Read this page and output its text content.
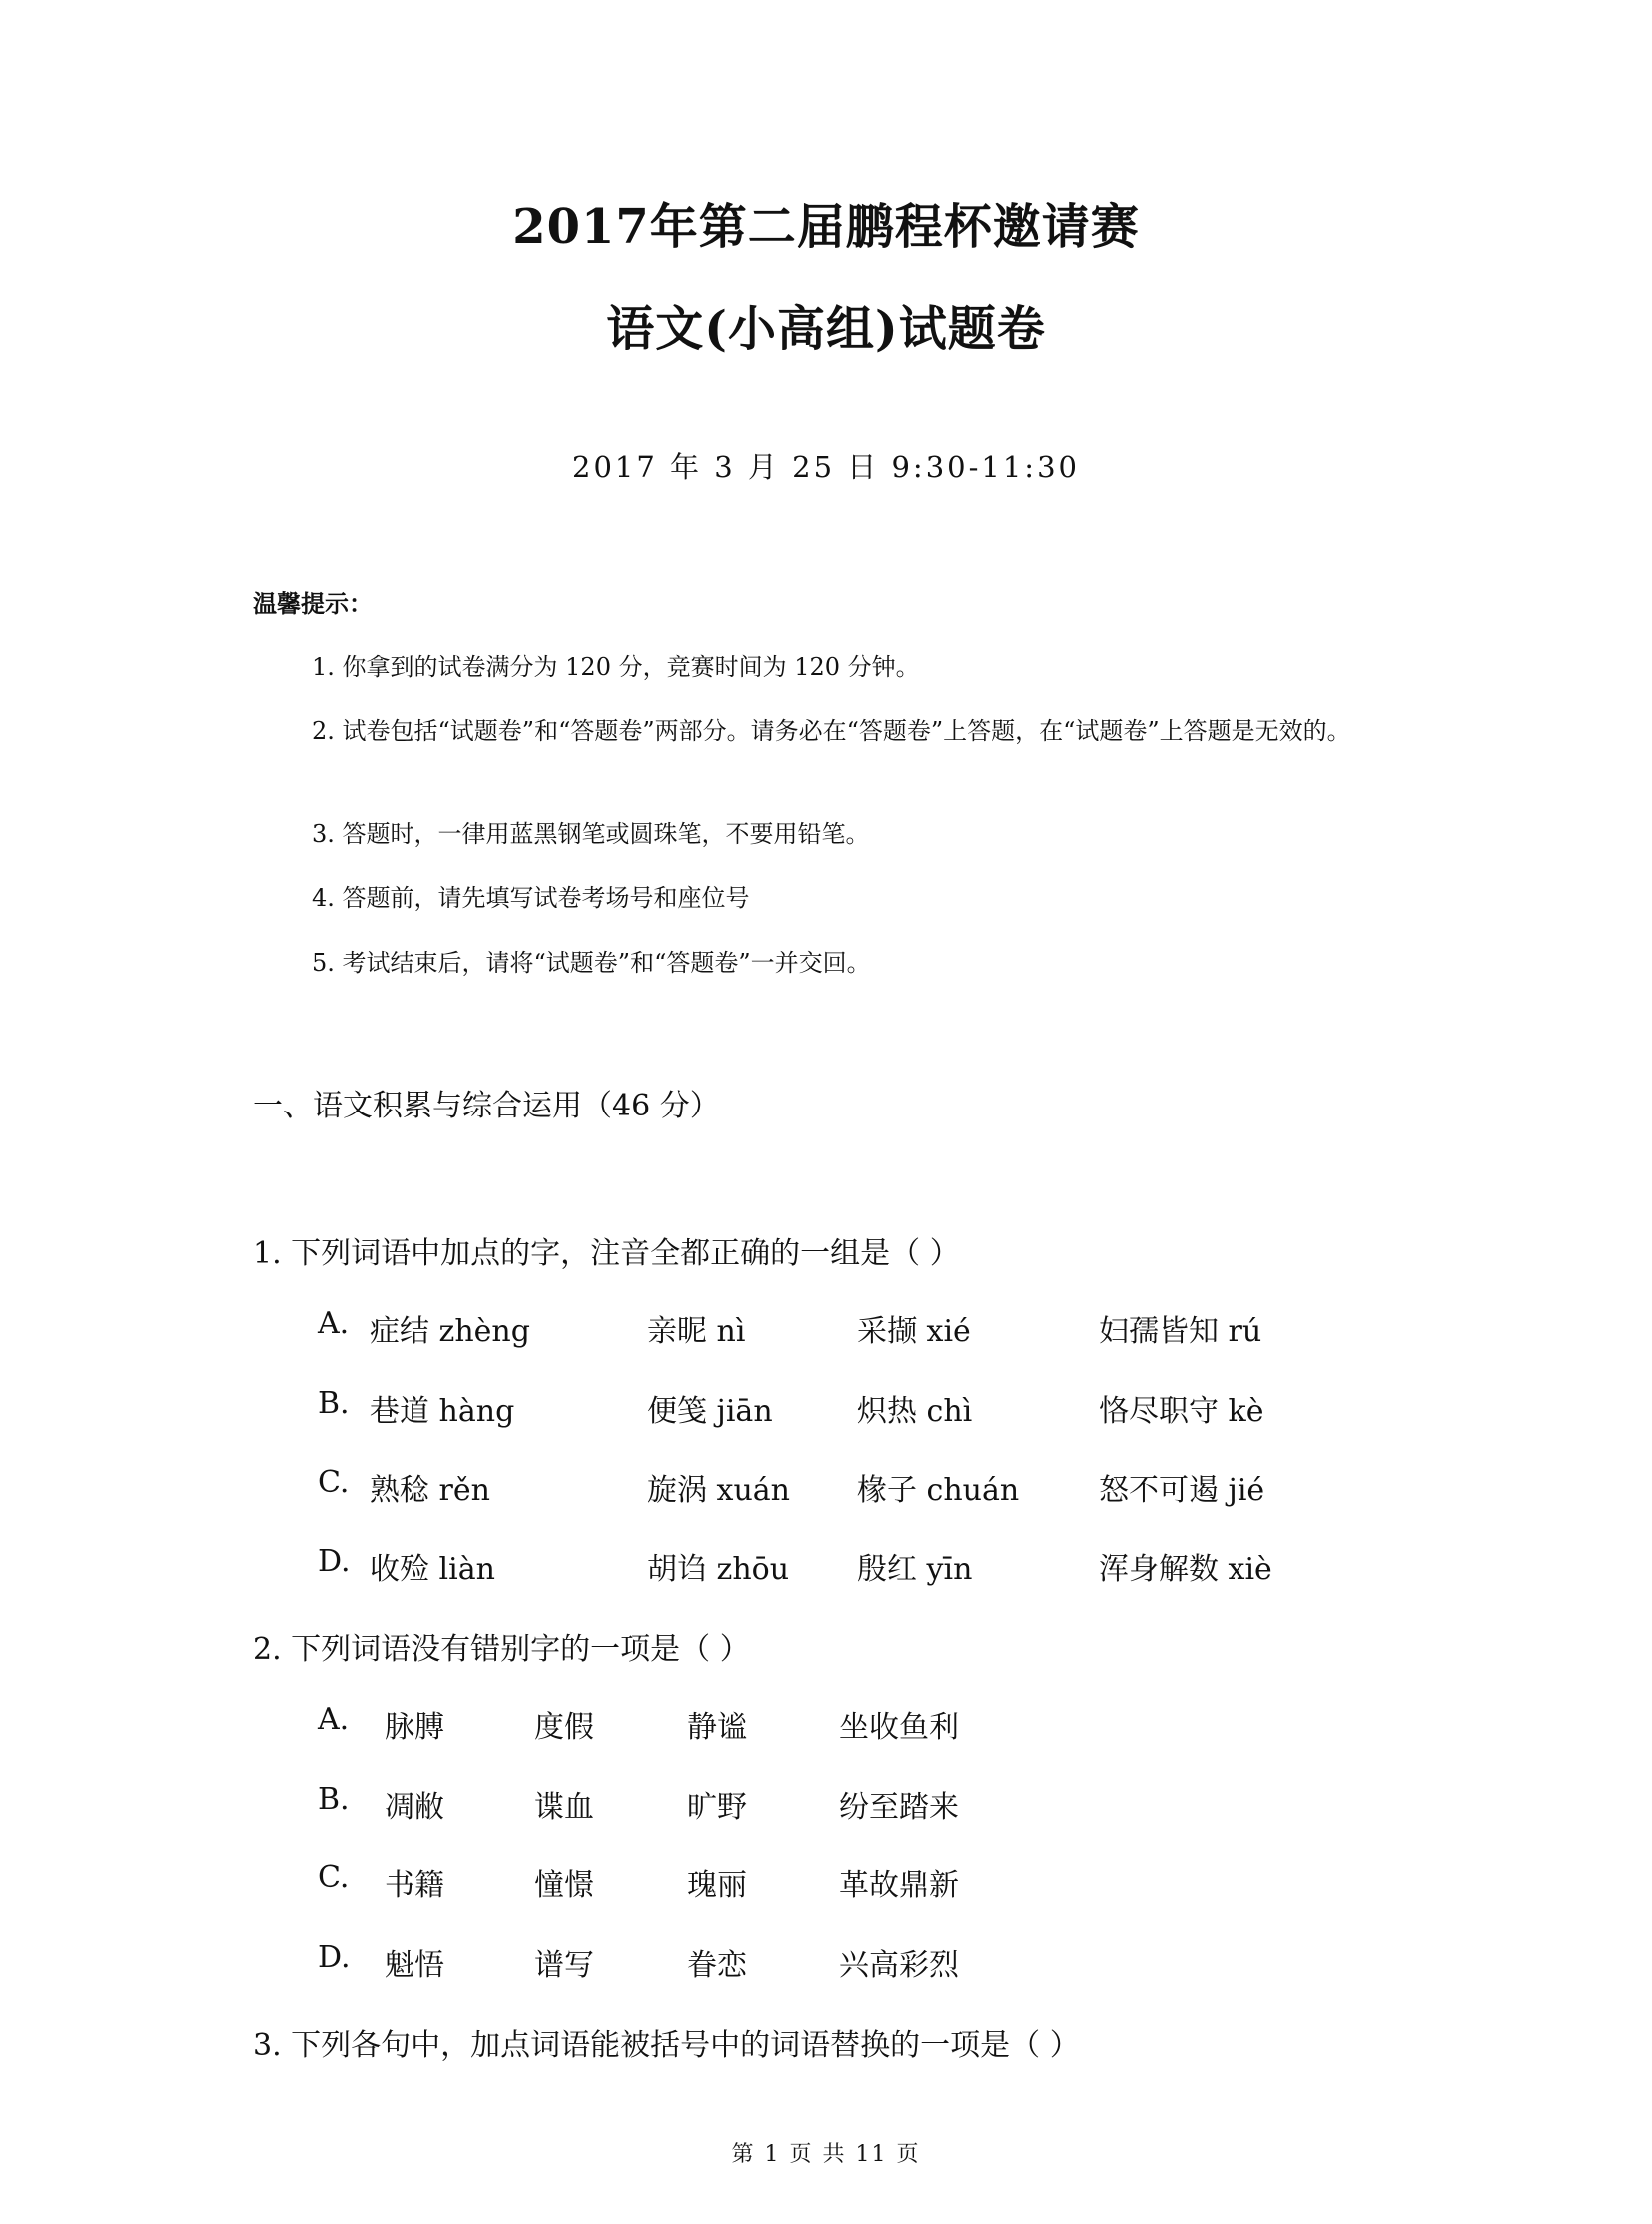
2017年第二届鹏程杯邀请赛
语文(小高组)试题卷
2017 年 3 月 25 日 9:30-11:30
温馨提示：
1. 你拿到的试卷满分为 120 分，竞赛时间为 120 分钟。
2. 试卷包括“试题卷”和“答题卷”两部分。请务必在“答题卷”上答题，在“试题卷”上答题是无效的。
3. 答题时，一律用蓝黑钢笔或圆珠笔，不要用铅笔。
4. 答题前，请先填写试卷考场号和座位号
5. 考试结束后，请将“试题卷”和“答题卷”一并交回。
一、语文积累与综合运用（46 分）
1. 下列词语中加点的字，注音全都正确的一组是（ ）
A. 症结 zhèng	亲昵 nì	采撷 xié	妇孺皆知 rú
B. 巷道 hàng	便笺 jiān	炽热 chì	恪尽职守 kè
C. 熟稔 rěn	旋涡 xuán 椽子 chuán	怒不可遏 jié
D. 收殓 liàn	胡诌 zhōu 殷红 yīn	浑身解数 xiè
2. 下列词语没有错别字的一项是（ ）
A. 脉膊	度假	静谧	坐收鱼利
B. 凋敝	谍血	旷野	纷至踏来
C. 书籍	憧憬	瑰丽	革故鼎新
D. 魁悟	谱写	眷恋	兴高彩烈
3. 下列各句中，加点词语能被括号中的词语替换的一项是（ ）
第 1 页 共 11 页
